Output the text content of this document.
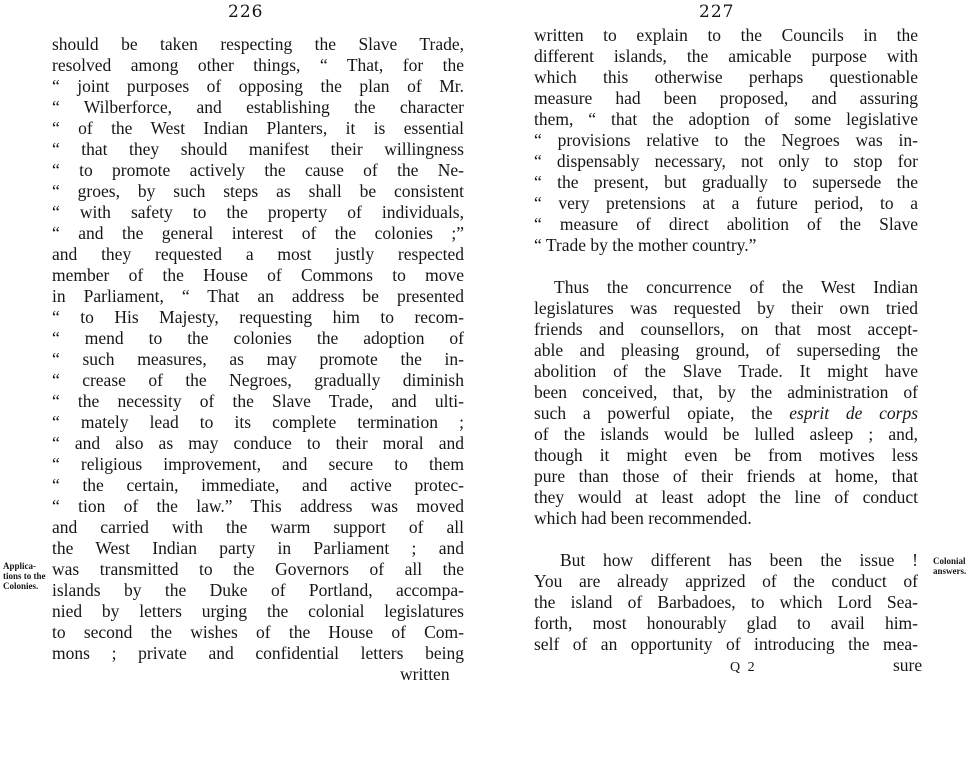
226
Applica-
tions to the
Colonies.

should be taken respecting the Slave Trade,

resolved among other things, “ That, for the

“ joint purposes of opposing the plan of Mr.

“ Wilberforce, and establishing the character

“ of the West Indian Planters, it is essential

“ that they should manifest their willingness

“ to promote actively the cause of the Ne-

“ groes, by such steps as shall be consistent

“ with safety to the property of individuals,

“ and the general interest of the colonies ;”

and they requested a most justly respected

member of the House of Commons to move

in Parliament, “ That an address be presented

“ to His Majesty, requesting him to recom-

“ mend to the colonies the adoption of

“ such measures, as may promote the in-

“ crease of the Negroes, gradually diminish

“ the necessity of the Slave Trade, and ulti-

“ mately lead to its complete termination ;

“ and also as may conduce to their moral and

“ religious improvement, and secure to them

“ the certain, immediate, and active protec-

“ tion of the law.” This address was moved

and carried with the warm support of all

the West Indian party in Parliament ; and

was transmitted to the Governors of all the

islands by the Duke of Portland, accompa-

nied by letters urging the colonial legislatures

to second the wishes of the House of Com-

mons ; private and confidential letters being

written

227
Colonial
answers.

written to explain to the Councils in the

different islands, the amicable purpose with

which this otherwise perhaps questionable

measure had been proposed, and assuring

them, “ that the adoption of some legislative

“ provisions relative to the Negroes was in-

“ dispensably necessary, not only to stop for

“ the present, but gradually to supersede the

“ very pretensions at a future period, to a

“ measure of direct abolition of the Slave

“ Trade by the mother country.”

Thus the concurrence of the West Indian

legislatures was requested by their own tried

friends and counsellors, on that most accept-

able and pleasing ground, of superseding the

abolition of the Slave Trade. It might have

been conceived, that, by the administration of

such a powerful opiate, the esprit de corps

of the islands would be lulled asleep ; and,

though it might even be from motives less

pure than those of their friends at home, that

they would at least adopt the line of conduct

which had been recommended.

But how different has been the issue !

You are already apprized of the conduct of

the island of Barbadoes, to which Lord Sea-

forth, most honourably glad to avail him-

self of an opportunity of introducing the mea-

Q 2	sure
